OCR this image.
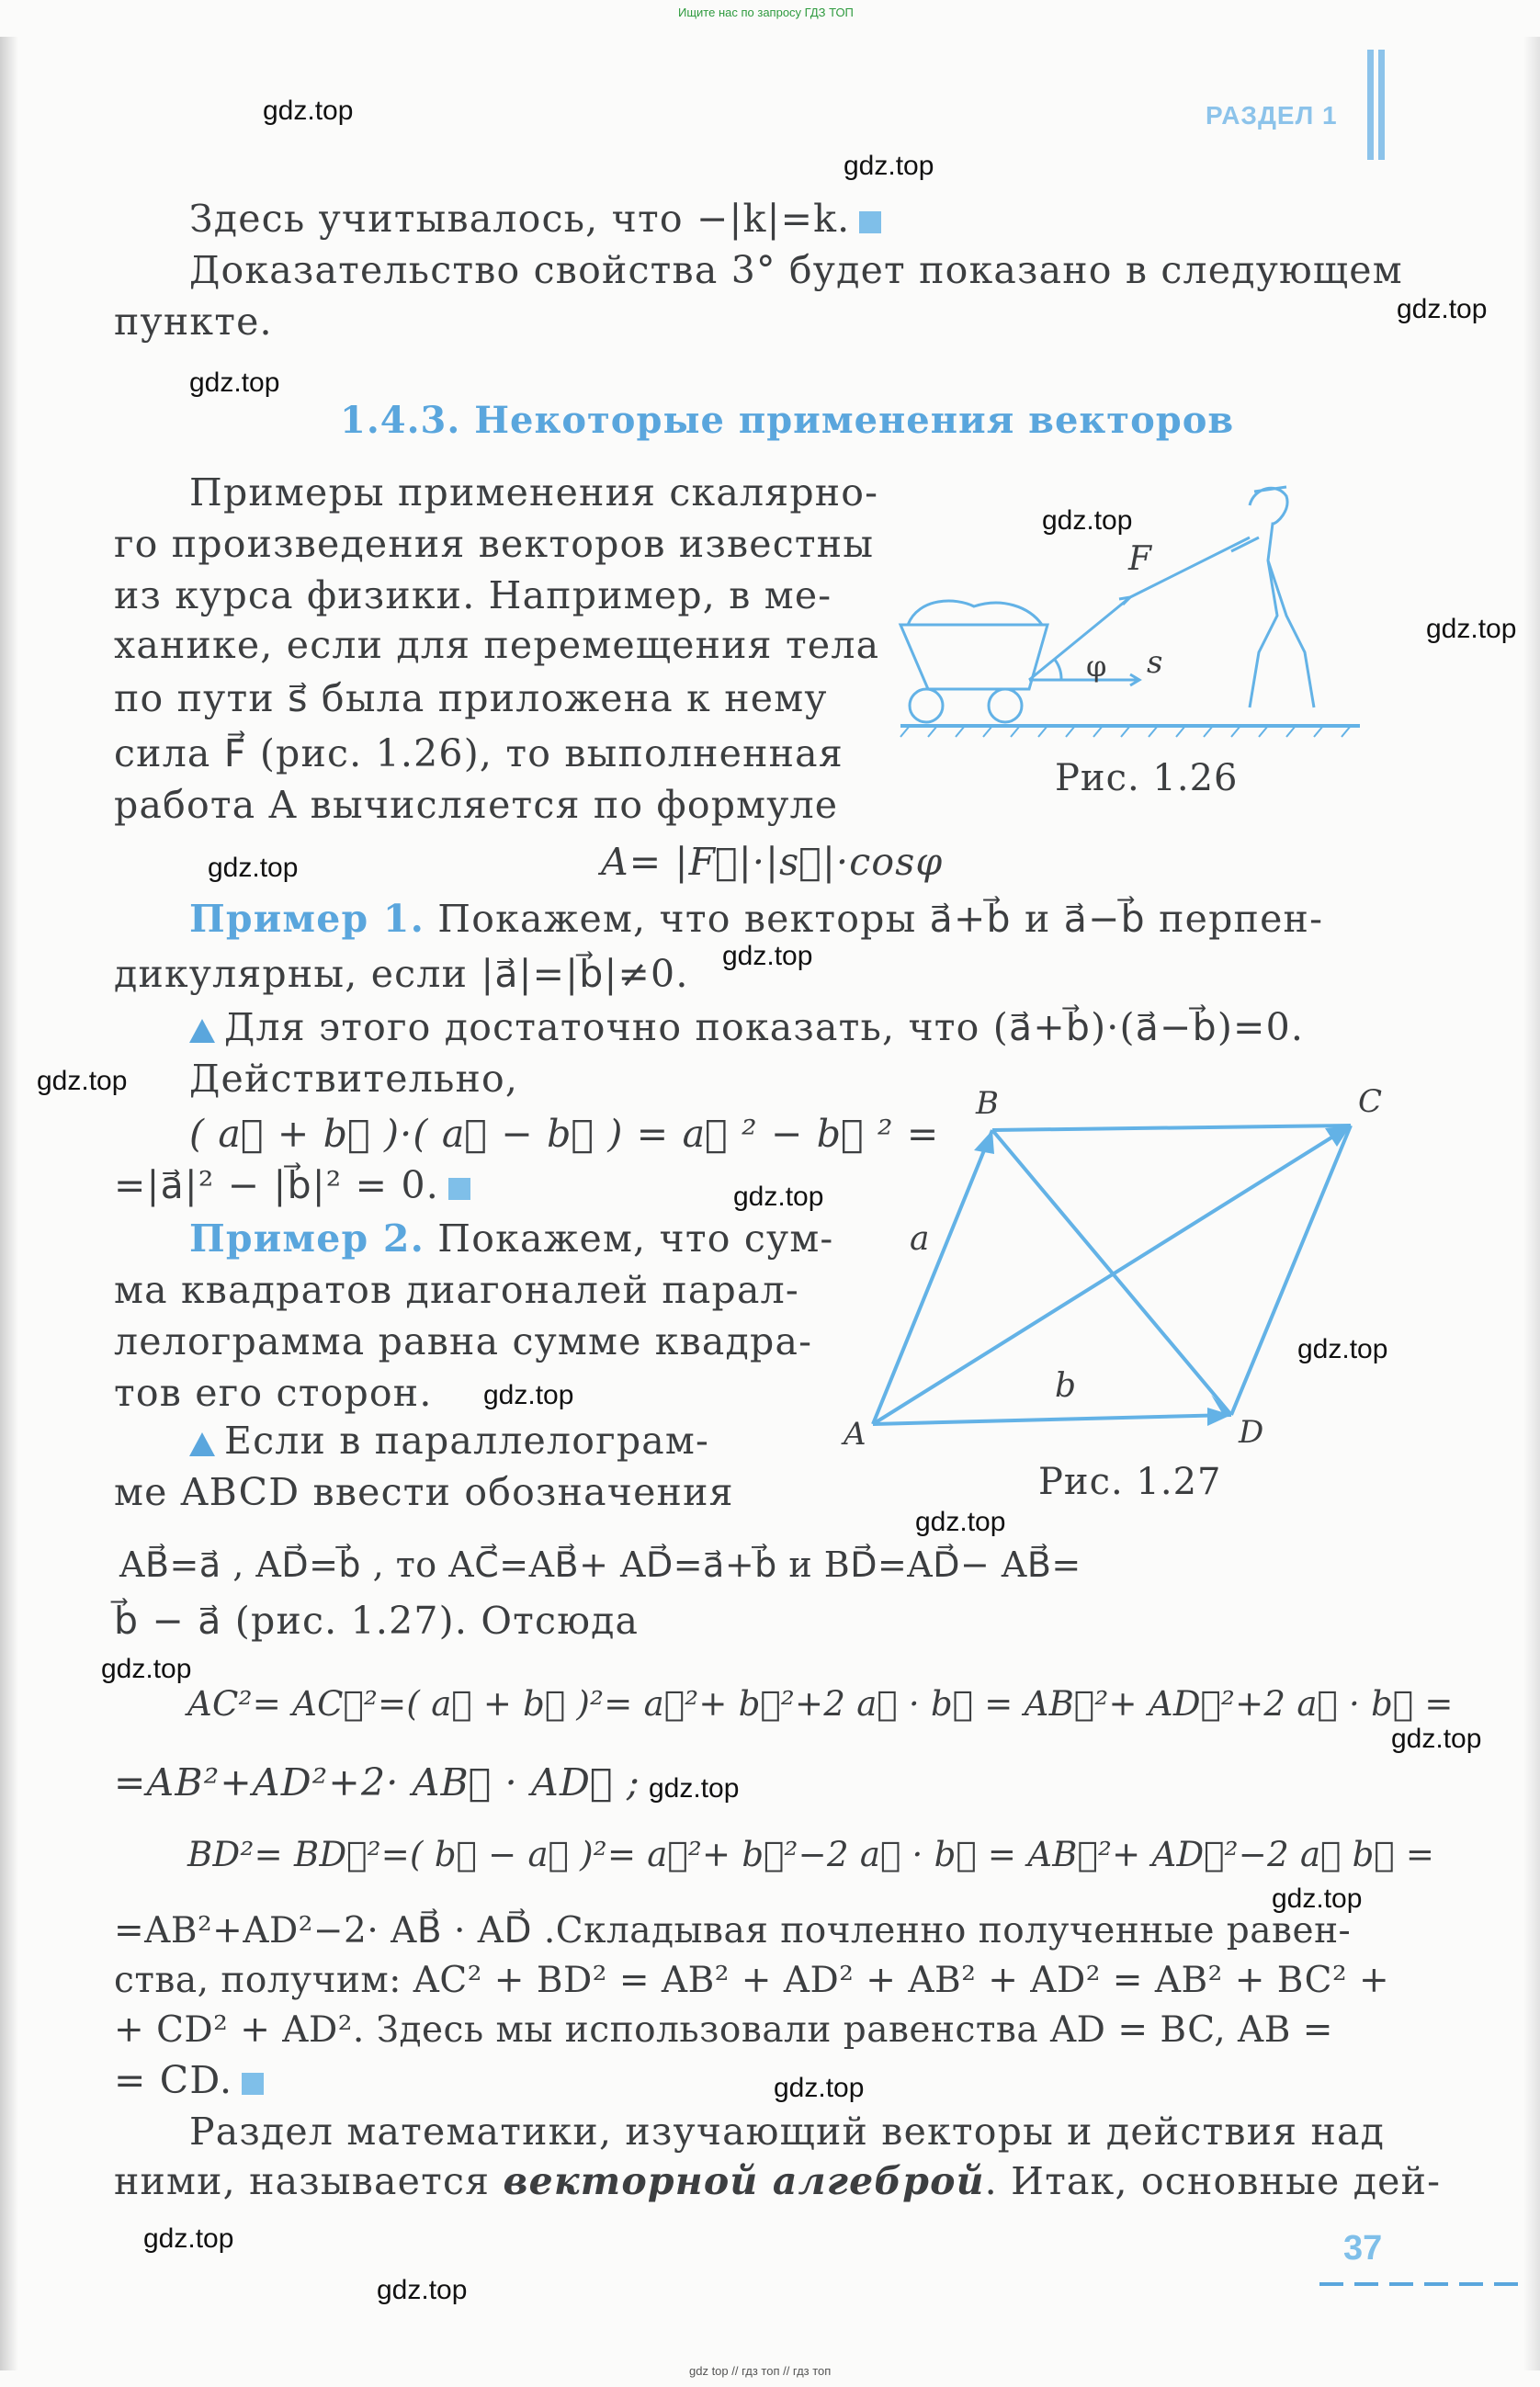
Ищите нас по запросу ГДЗ ТОП
gdz top // гдз топ // гдз топ
РАЗДЕЛ 1
gdz.top
gdz.top
gdz.top
gdz.top
gdz.top
gdz.top
gdz.top
gdz.top
gdz.top
gdz.top
gdz.top
gdz.top
gdz.top
gdz.top
gdz.top
gdz.top
gdz.top
gdz.top
gdz.top
gdz.top
Здесь учитывалось, что −|k|=k.
Доказательство свойства 3° будет показано в следующем
пункте.
1.4.3. Некоторые применения векторов
Примеры применения скалярно-
го произведения векторов известны
из курса физики. Например, в ме-
ханике, если для перемещения тела
по пути s⃗ была приложена к нему
сила F⃗ (рис. 1.26), то выполненная
работа A вычисляется по формуле
A= |F⃗|·|s⃗|·cosφ
Пример 1. Покажем, что векторы a⃗+b⃗ и a⃗−b⃗ перпен-
дикулярны, если |a⃗|=|b⃗|≠0.
Для этого достаточно показать, что (a⃗+b⃗)·(a⃗−b⃗)=0.
Действительно,
( a⃗ + b⃗ )·( a⃗ − b⃗ ) = a⃗ ² − b⃗ ² =
=|a⃗|² − |b⃗|² = 0.
Пример 2. Покажем, что сум-
ма квадратов диагоналей парал-
лелограмма равна сумме квадра-
тов его сторон.
Если в параллелограм-
ме ABCD ввести обозначения
AB⃗=a⃗ , AD⃗=b⃗ , то AC⃗=AB⃗+ AD⃗=a⃗+b⃗ и BD⃗=AD⃗− AB⃗=
b⃗ − a⃗ (рис. 1.27). Отсюда
AC²= AC⃗²=( a⃗ + b⃗ )²= a⃗²+ b⃗²+2 a⃗ · b⃗ = AB⃗²+ AD⃗²+2 a⃗ · b⃗ =
=AB²+AD²+2· AB⃗ · AD⃗ ;
BD²= BD⃗²=( b⃗ − a⃗ )²= a⃗²+ b⃗²−2 a⃗ · b⃗ = AB⃗²+ AD⃗²−2 a⃗ b⃗ =
=AB²+AD²−2· AB⃗ · AD⃗ .Складывая почленно полученные равен-
ства, получим: AC² + BD² = AB² + AD² + AB² + AD² = AB² + BC² +
+ CD² + AD². Здесь мы использовали равенства AD = BC, AB =
= CD.
Раздел математики, изучающий векторы и действия над
ними, называется векторной алгеброй. Итак, основные дей-
F
s
φ
Рис. 1.26
A
B	C
D
a
b
Рис. 1.27
37
